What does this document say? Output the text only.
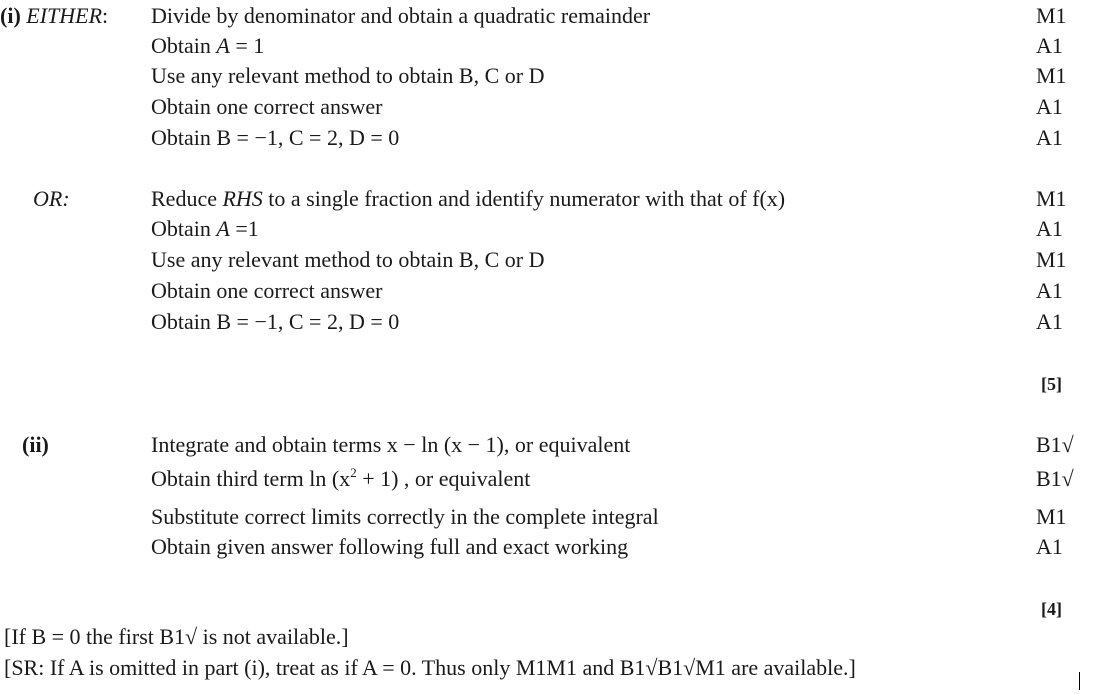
(i) EITHER: Divide by denominator and obtain a quadratic remainder	M1
Obtain A = 1	A1
Use any relevant method to obtain B, C or D	M1
Obtain one correct answer	A1
Obtain B = −1, C = 2, D = 0	A1
OR:	Reduce RHS to a single fraction and identify numerator with that of f(x)	M1
Obtain A =1	A1
Use any relevant method to obtain B, C or D	M1
Obtain one correct answer	A1
Obtain B = −1, C = 2, D = 0	A1
[5]
(ii)	Integrate and obtain terms x − ln (x − 1), or equivalent	B1√
Obtain third term $\ln (x^2 + 1)$ , or equivalent	B1√
Substitute correct limits correctly in the complete integral	M1
Obtain given answer following full and exact working	A1
[4]
[If B = 0 the first B1√ is not available.]
[SR: If A is omitted in part (i), treat as if A = 0. Thus only M1M1 and B1√B1√M1 are available.]
